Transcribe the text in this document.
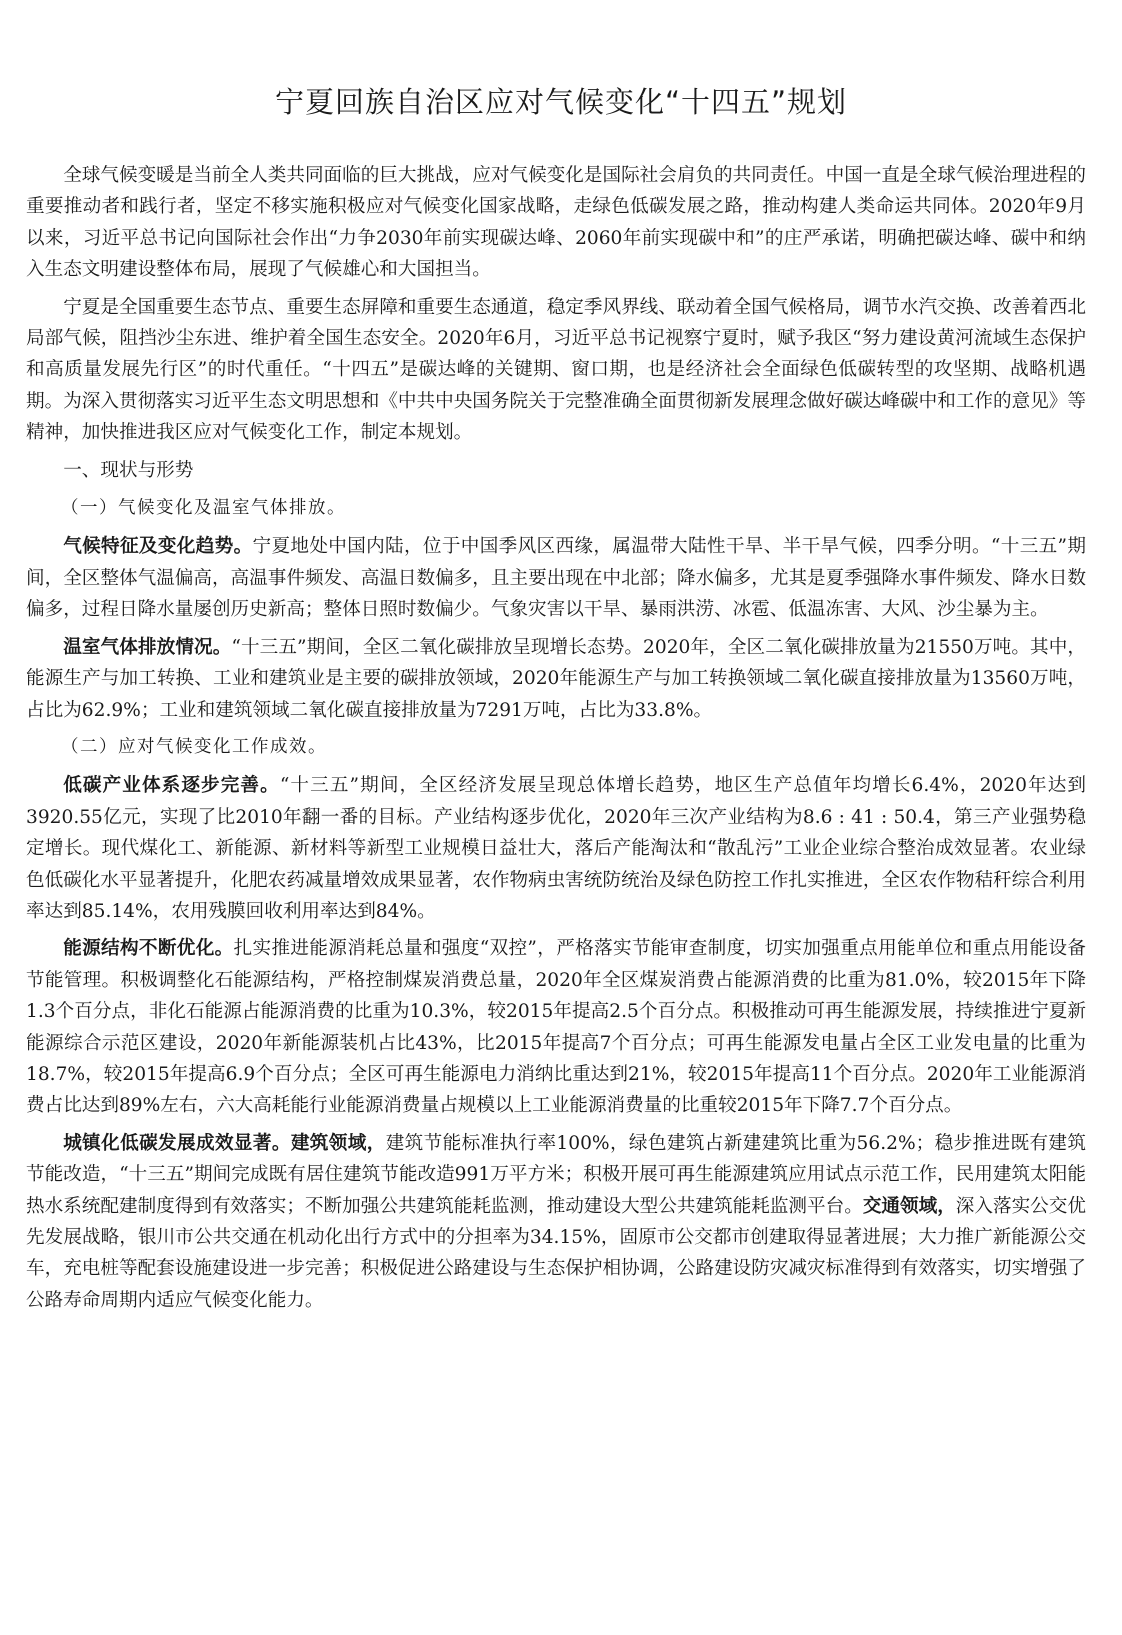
宁夏回族自治区应对气候变化“十四五”规划

全球气候变暖是当前全人类共同面临的巨大挑战，应对气候变化是国际社会肩负的共同责任。中国一直是全球气候治理进程的重要推动者和践行者，坚定不移实施积极应对气候变化国家战略，走绿色低碳发展之路，推动构建人类命运共同体。2020年9月以来，习近平总书记向国际社会作出“力争2030年前实现碳达峰、2060年前实现碳中和”的庄严承诺，明确把碳达峰、碳中和纳入生态文明建设整体布局，展现了气候雄心和大国担当。

宁夏是全国重要生态节点、重要生态屏障和重要生态通道，稳定季风界线、联动着全国气候格局，调节水汽交换、改善着西北局部气候，阻挡沙尘东进、维护着全国生态安全。2020年6月，习近平总书记视察宁夏时，赋予我区“努力建设黄河流域生态保护和高质量发展先行区”的时代重任。“十四五”是碳达峰的关键期、窗口期，也是经济社会全面绿色低碳转型的攻坚期、战略机遇期。为深入贯彻落实习近平生态文明思想和《中共中央国务院关于完整准确全面贯彻新发展理念做好碳达峰碳中和工作的意见》等精神，加快推进我区应对气候变化工作，制定本规划。

一、现状与形势

（一）气候变化及温室气体排放。

气候特征及变化趋势。宁夏地处中国内陆，位于中国季风区西缘，属温带大陆性干旱、半干旱气候，四季分明。“十三五”期间，全区整体气温偏高，高温事件频发、高温日数偏多，且主要出现在中北部；降水偏多，尤其是夏季强降水事件频发、降水日数偏多，过程日降水量屡创历史新高；整体日照时数偏少。气象灾害以干旱、暴雨洪涝、冰雹、低温冻害、大风、沙尘暴为主。

温室气体排放情况。“十三五”期间，全区二氧化碳排放呈现增长态势。2020年，全区二氧化碳排放量为21550万吨。其中，能源生产与加工转换、工业和建筑业是主要的碳排放领域，2020年能源生产与加工转换领域二氧化碳直接排放量为13560万吨，占比为62.9%；工业和建筑领域二氧化碳直接排放量为7291万吨，占比为33.8%。

（二）应对气候变化工作成效。

低碳产业体系逐步完善。“十三五”期间，全区经济发展呈现总体增长趋势，地区生产总值年均增长6.4%，2020年达到3920.55亿元，实现了比2010年翻一番的目标。产业结构逐步优化，2020年三次产业结构为8.6 : 41 : 50.4，第三产业强势稳定增长。现代煤化工、新能源、新材料等新型工业规模日益壮大，落后产能淘汰和“散乱污”工业企业综合整治成效显著。农业绿色低碳化水平显著提升，化肥农药减量增效成果显著，农作物病虫害统防统治及绿色防控工作扎实推进，全区农作物秸秆综合利用率达到85.14%，农用残膜回收利用率达到84%。

能源结构不断优化。扎实推进能源消耗总量和强度“双控”，严格落实节能审查制度，切实加强重点用能单位和重点用能设备节能管理。积极调整化石能源结构，严格控制煤炭消费总量，2020年全区煤炭消费占能源消费的比重为81.0%，较2015年下降1.3个百分点，非化石能源占能源消费的比重为10.3%，较2015年提高2.5个百分点。积极推动可再生能源发展，持续推进宁夏新能源综合示范区建设，2020年新能源装机占比43%，比2015年提高7个百分点；可再生能源发电量占全区工业发电量的比重为18.7%，较2015年提高6.9个百分点；全区可再生能源电力消纳比重达到21%，较2015年提高11个百分点。2020年工业能源消费占比达到89%左右，六大高耗能行业能源消费量占规模以上工业能源消费量的比重较2015年下降7.7个百分点。

城镇化低碳发展成效显著。建筑领域，建筑节能标准执行率100%，绿色建筑占新建建筑比重为56.2%；稳步推进既有建筑节能改造，“十三五”期间完成既有居住建筑节能改造991万平方米；积极开展可再生能源建筑应用试点示范工作，民用建筑太阳能热水系统配建制度得到有效落实；不断加强公共建筑能耗监测，推动建设大型公共建筑能耗监测平台。交通领域，深入落实公交优先发展战略，银川市公共交通在机动化出行方式中的分担率为34.15%，固原市公交都市创建取得显著进展；大力推广新能源公交车，充电桩等配套设施建设进一步完善；积极促进公路建设与生态保护相协调，公路建设防灾减灾标准得到有效落实，切实增强了公路寿命周期内适应气候变化能力。
